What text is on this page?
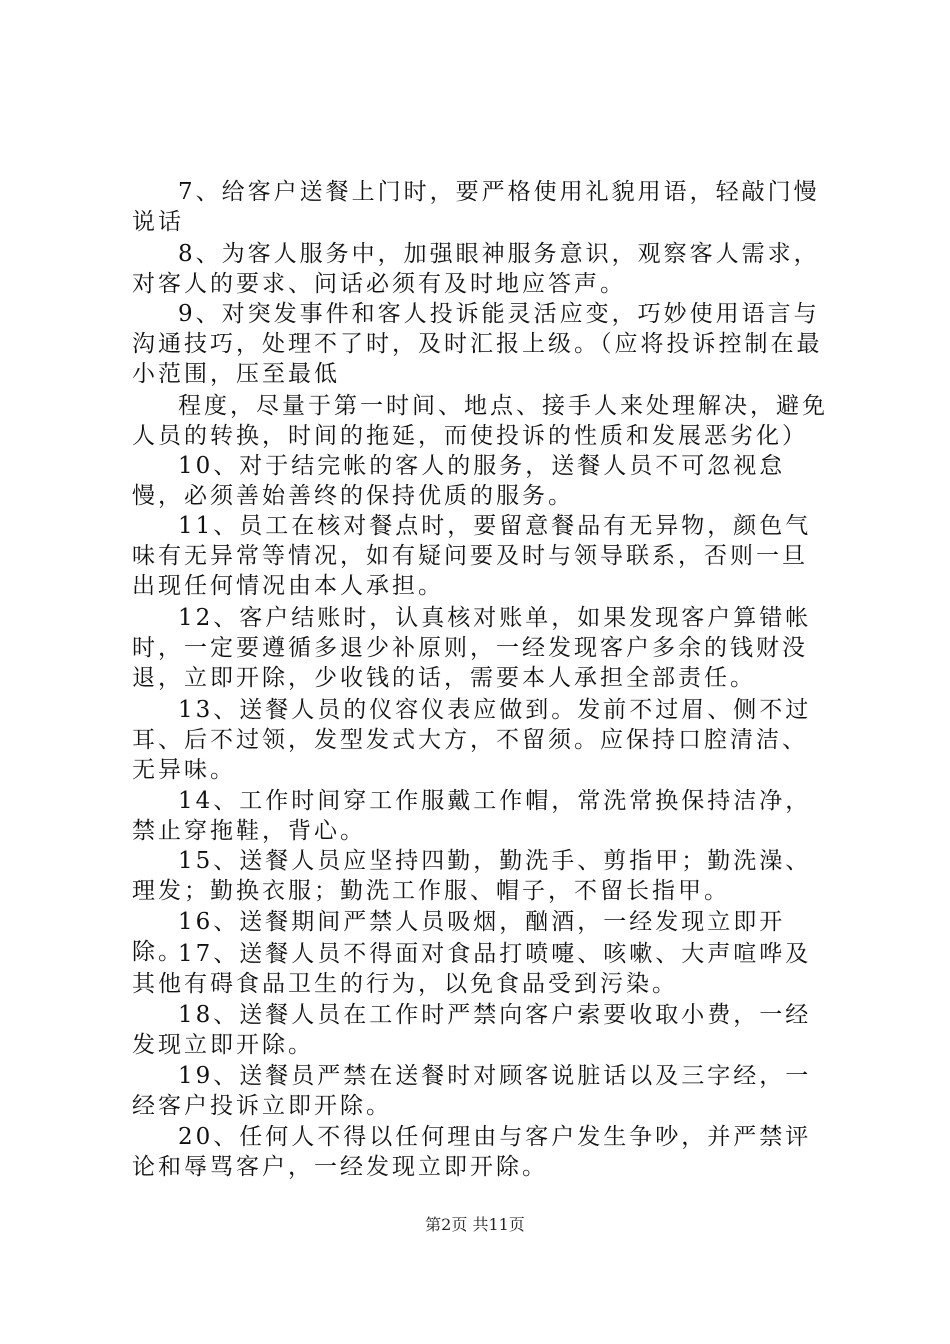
7、给客户送餐上门时，要严格使用礼貌用语，轻敲门慢说话

8、为客人服务中，加强眼神服务意识，观察客人需求，对客人的要求、问话必须有及时地应答声。

9、对突发事件和客人投诉能灵活应变，巧妙使用语言与沟通技巧，处理不了时，及时汇报上级。（应将投诉控制在最小范围，压至最低

程度，尽量于第一时间、地点、接手人来处理解决，避免人员的转换，时间的拖延，而使投诉的性质和发展恶劣化）

10、对于结完帐的客人的服务，送餐人员不可忽视怠慢，必须善始善终的保持优质的服务。

11、员工在核对餐点时，要留意餐品有无异物，颜色气味有无异常等情况，如有疑问要及时与领导联系，否则一旦出现任何情况由本人承担。

12、客户结账时，认真核对账单，如果发现客户算错帐时，一定要遵循多退少补原则，一经发现客户多余的钱财没退，立即开除，少收钱的话，需要本人承担全部责任。

13、送餐人员的仪容仪表应做到。发前不过眉、侧不过耳、后不过领，发型发式大方，不留须。应保持口腔清洁、无异味。

14、工作时间穿工作服戴工作帽，常洗常换保持洁净，禁止穿拖鞋，背心。

15、送餐人员应坚持四勤，勤洗手、剪指甲；勤洗澡、理发；勤换衣服；勤洗工作服、帽子，不留长指甲。

16、送餐期间严禁人员吸烟，酗酒，一经发现立即开除。

17、送餐人员不得面对食品打喷嚏、咳嗽、大声喧哗及其他有碍食品卫生的行为，以免食品受到污染。

18、送餐人员在工作时严禁向客户索要收取小费，一经发现立即开除。

19、送餐员严禁在送餐时对顾客说脏话以及三字经，一经客户投诉立即开除。

20、任何人不得以任何理由与客户发生争吵，并严禁评论和辱骂客户，一经发现立即开除。

第2页 共11页
